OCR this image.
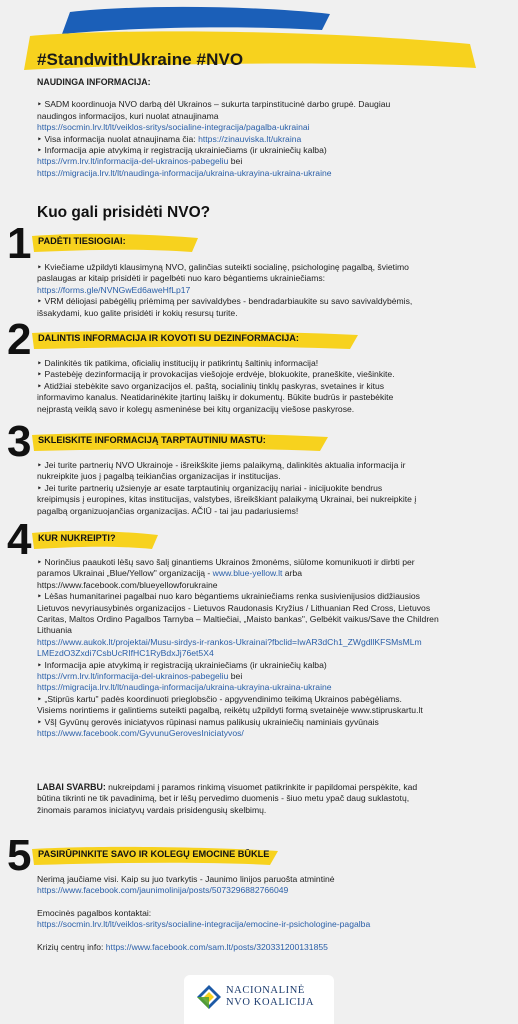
#StandwithUkraine #NVO

NAUDINGA INFORMACIJA:

‣ SADM koordinuoja NVO darbą dėl Ukrainos – sukurta tarpinstitucinė darbo grupė. Daugiau

naudingos informacijos, kuri nuolat atnaujinama

https://socmin.lrv.lt/lt/veiklos-sritys/socialine-integracija/pagalba-ukrainai

‣ Visa informacija nuolat atnaujinama čia: https://zinauviska.lt/ukraina

‣ Informacija apie atvykimą ir registraciją ukrainiečiams (ir ukrainiečių kalba)

https://vrm.lrv.lt/informacija-del-ukrainos-pabegeliu bei

https://migracija.lrv.lt/lt/naudinga-informacija/ukraina-ukrayina-ukraina-ukraine

Kuo gali prisidėti NVO?
1 PADĖTI TIESIOGIAI:

‣ Kviečiame užpildyti klausimyną NVO, galinčias suteikti socialinę, psichologinę pagalbą, švietimo

paslaugas ar kitaip prisidėti ir pagelbėti nuo karo bėgantiems ukrainiečiams:

https://forms.gle/NVNGwEd6aweHfLp17

‣ VRM dėliojasi pabėgėlių priėmimą per savivaldybes - bendradarbiaukite su savo savivaldybėmis,

išsakydami, kuo galite prisidėti ir kokių resursų turite.

2 DALINTIS INFORMACIJA IR KOVOTI SU DEZINFORMACIJA:

‣ Dalinkitės tik patikima, oficialių institucijų ir patikrintų šaltinių informacija!

‣ Pastebėję dezinformaciją ir provokacijas viešojoje erdvėje, blokuokite, praneškite, viešinkite.

‣ Atidžiai stebėkite savo organizacijos el. paštą, socialinių tinklų paskyras, svetaines ir kitus

informavimo kanalus. Neatidarinėkite įtartinų laiškų ir dokumentų. Būkite budrūs ir pastebėkite

neįprastą veiklą savo ir kolegų asmeninėse bei kitų organizacijų viešose paskyrose.

3 SKLEISKITE INFORMACIJĄ TARPTAUTINIU MASTU:

‣ Jei turite partnerių NVO Ukrainoje - išreikškite jiems palaikymą, dalinkitės aktualia informacija ir

nukreipkite juos į pagalbą teikiančias organizacijas ir institucijas.

‣ Jei turite partnerių užsienyje ar esate tarptautinių organizacijų nariai - inicijuokite bendrus

kreipimųsis į europines, kitas institucijas, valstybes, išreikškiant palaikymą Ukrainai, bei nukreipkite į

pagalbą organizuojančias organizacijas. AČIŪ - tai jau padariusiems!

4 KUR NUKREIPTI?

‣ Norinčius paaukoti lėšų savo šalį ginantiems Ukrainos žmonėms, siūlome komunikuoti ir dirbti per

paramos Ukrainai „Blue/Yellow" organizaciją - www.blue-yellow.lt arba

https://www.facebook.com/blueyellowforukraine

‣ Lėšas humanitarinei pagalbai nuo karo bėgantiems ukrainiečiams renka susivienijusios didžiausios

Lietuvos nevyriausybinės organizacijos - Lietuvos Raudonasis Kryžius / Lithuanian Red Cross, Lietuvos

Caritas, Maltos Ordino Pagalbos Tarnyba – Maltiečiai, „Maisto bankas", Gelbėkit vaikus/Save the Children

Lithuania

https://www.aukok.lt/projektai/Musu-sirdys-ir-rankos-Ukrainai?fbclid=IwAR3dCh1_ZWgdllKFSMsMLm

LMEzdO3Zxdi7CsbUcRIfHC1RyBdxJj76et5X4

‣ Informacija apie atvykimą ir registraciją ukrainiečiams (ir ukrainiečių kalba)

https://vrm.lrv.lt/informacija-del-ukrainos-pabegeliu bei

https://migracija.lrv.lt/lt/naudinga-informacija/ukraina-ukrayina-ukraina-ukraine

‣ „Stiprūs kartu" padės koordinuoti prieglobsčio - apgyvendinimo teikimą Ukrainos pabėgėliams.

Visiems norintiems ir galintiems suteikti pagalbą, reikėtų užpildyti formą svetainėje www.stipruskartu.lt

‣ VšĮ Gyvūnų gerovės iniciatyvos rūpinasi namus palikusių ukrainiečių naminiais gyvūnais

https://www.facebook.com/GyvunuGerovesIniciatyvos/

LABAI SVARBU: nukreipdami į paramos rinkimą visuomet patikrinkite ir papildomai perspėkite, kad

būtina tikrinti ne tik pavadinimą, bet ir lėšų pervedimo duomenis - šiuo metu ypač daug suklastotų,

žinomais paramos iniciatyvų vardais prisidengusių skelbimų.

5 PASIRŪPINKITE SAVO IR KOLEGŲ EMOCINE BŪKLE

Nerimą jaučiame visi. Kaip su juo tvarkytis - Jaunimo linijos paruošta atmintinė

https://www.facebook.com/jaunimolinija/posts/5073296882766049

Emocinės pagalbos kontaktai:

https://socmin.lrv.lt/lt/veiklos-sritys/socialine-integracija/emocine-ir-psichologine-pagalba

Krizių centrų info: https://www.facebook.com/sam.lt/posts/320331200131855

NACIONALINĖ
NVO KOALICIJA
